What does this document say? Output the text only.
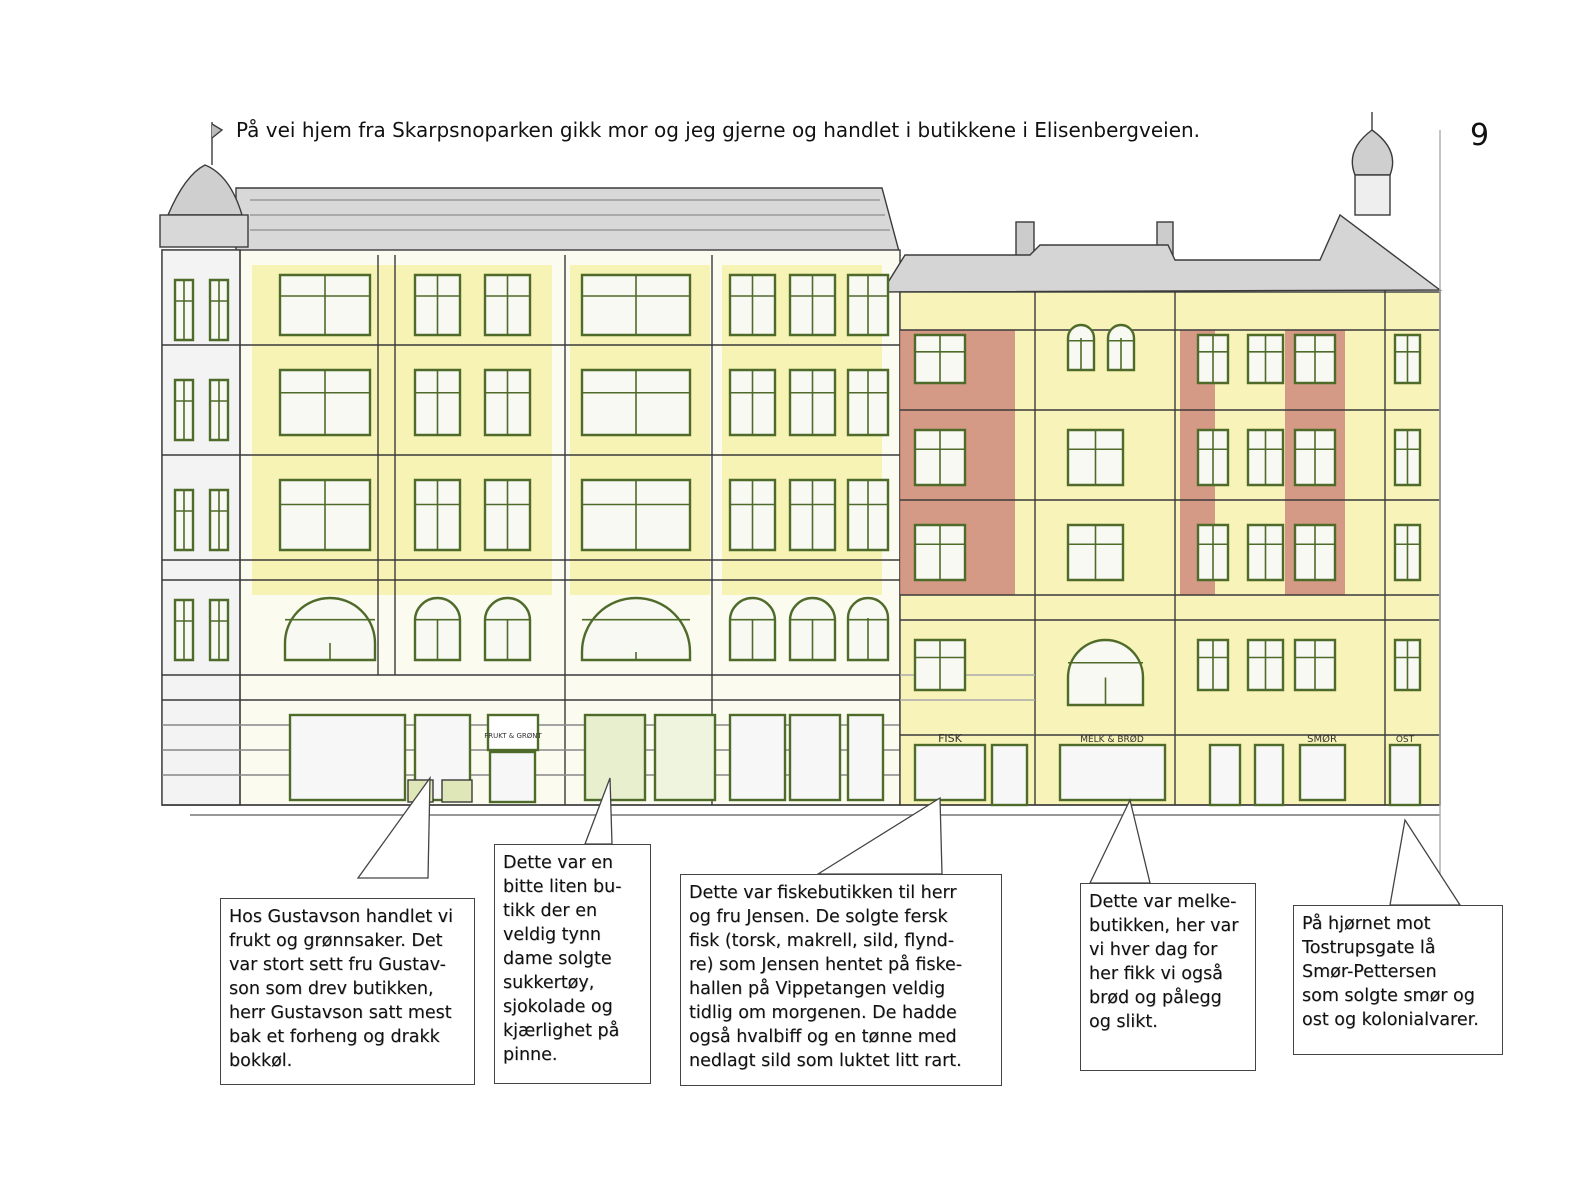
På vei hjem fra Skarpsnoparken gikk mor og jeg gjerne og handlet i butikkene i Elisenbergveien.	9
FRUKT & GRØNT	FISK	MELK & BRØD	SMØR	OST

Hos Gustavson handlet vi
frukt og grønnsaker. Det
var stort sett fru Gustav-
son som drev butikken,
herr Gustavson satt mest
bak et forheng og drakk
bokkøl.

Dette var en
bitte liten bu-
tikk der en
veldig tynn
dame solgte
sukkertøy,
sjokolade og
kjærlighet på
pinne.

Dette var fiskebutikken til herr
og fru Jensen. De solgte fersk
fisk (torsk, makrell, sild, flynd-
re) som Jensen hentet på fiske-
hallen på Vippetangen veldig
tidlig om morgenen. De hadde
også hvalbiff og en tønne med
nedlagt sild som luktet litt rart.

Dette var melke-
butikken, her var
vi hver dag for
her fikk vi også
brød og pålegg
og slikt.

På hjørnet mot
Tostrupsgate lå
Smør-Pettersen
som solgte smør og
ost og kolonialvarer.
